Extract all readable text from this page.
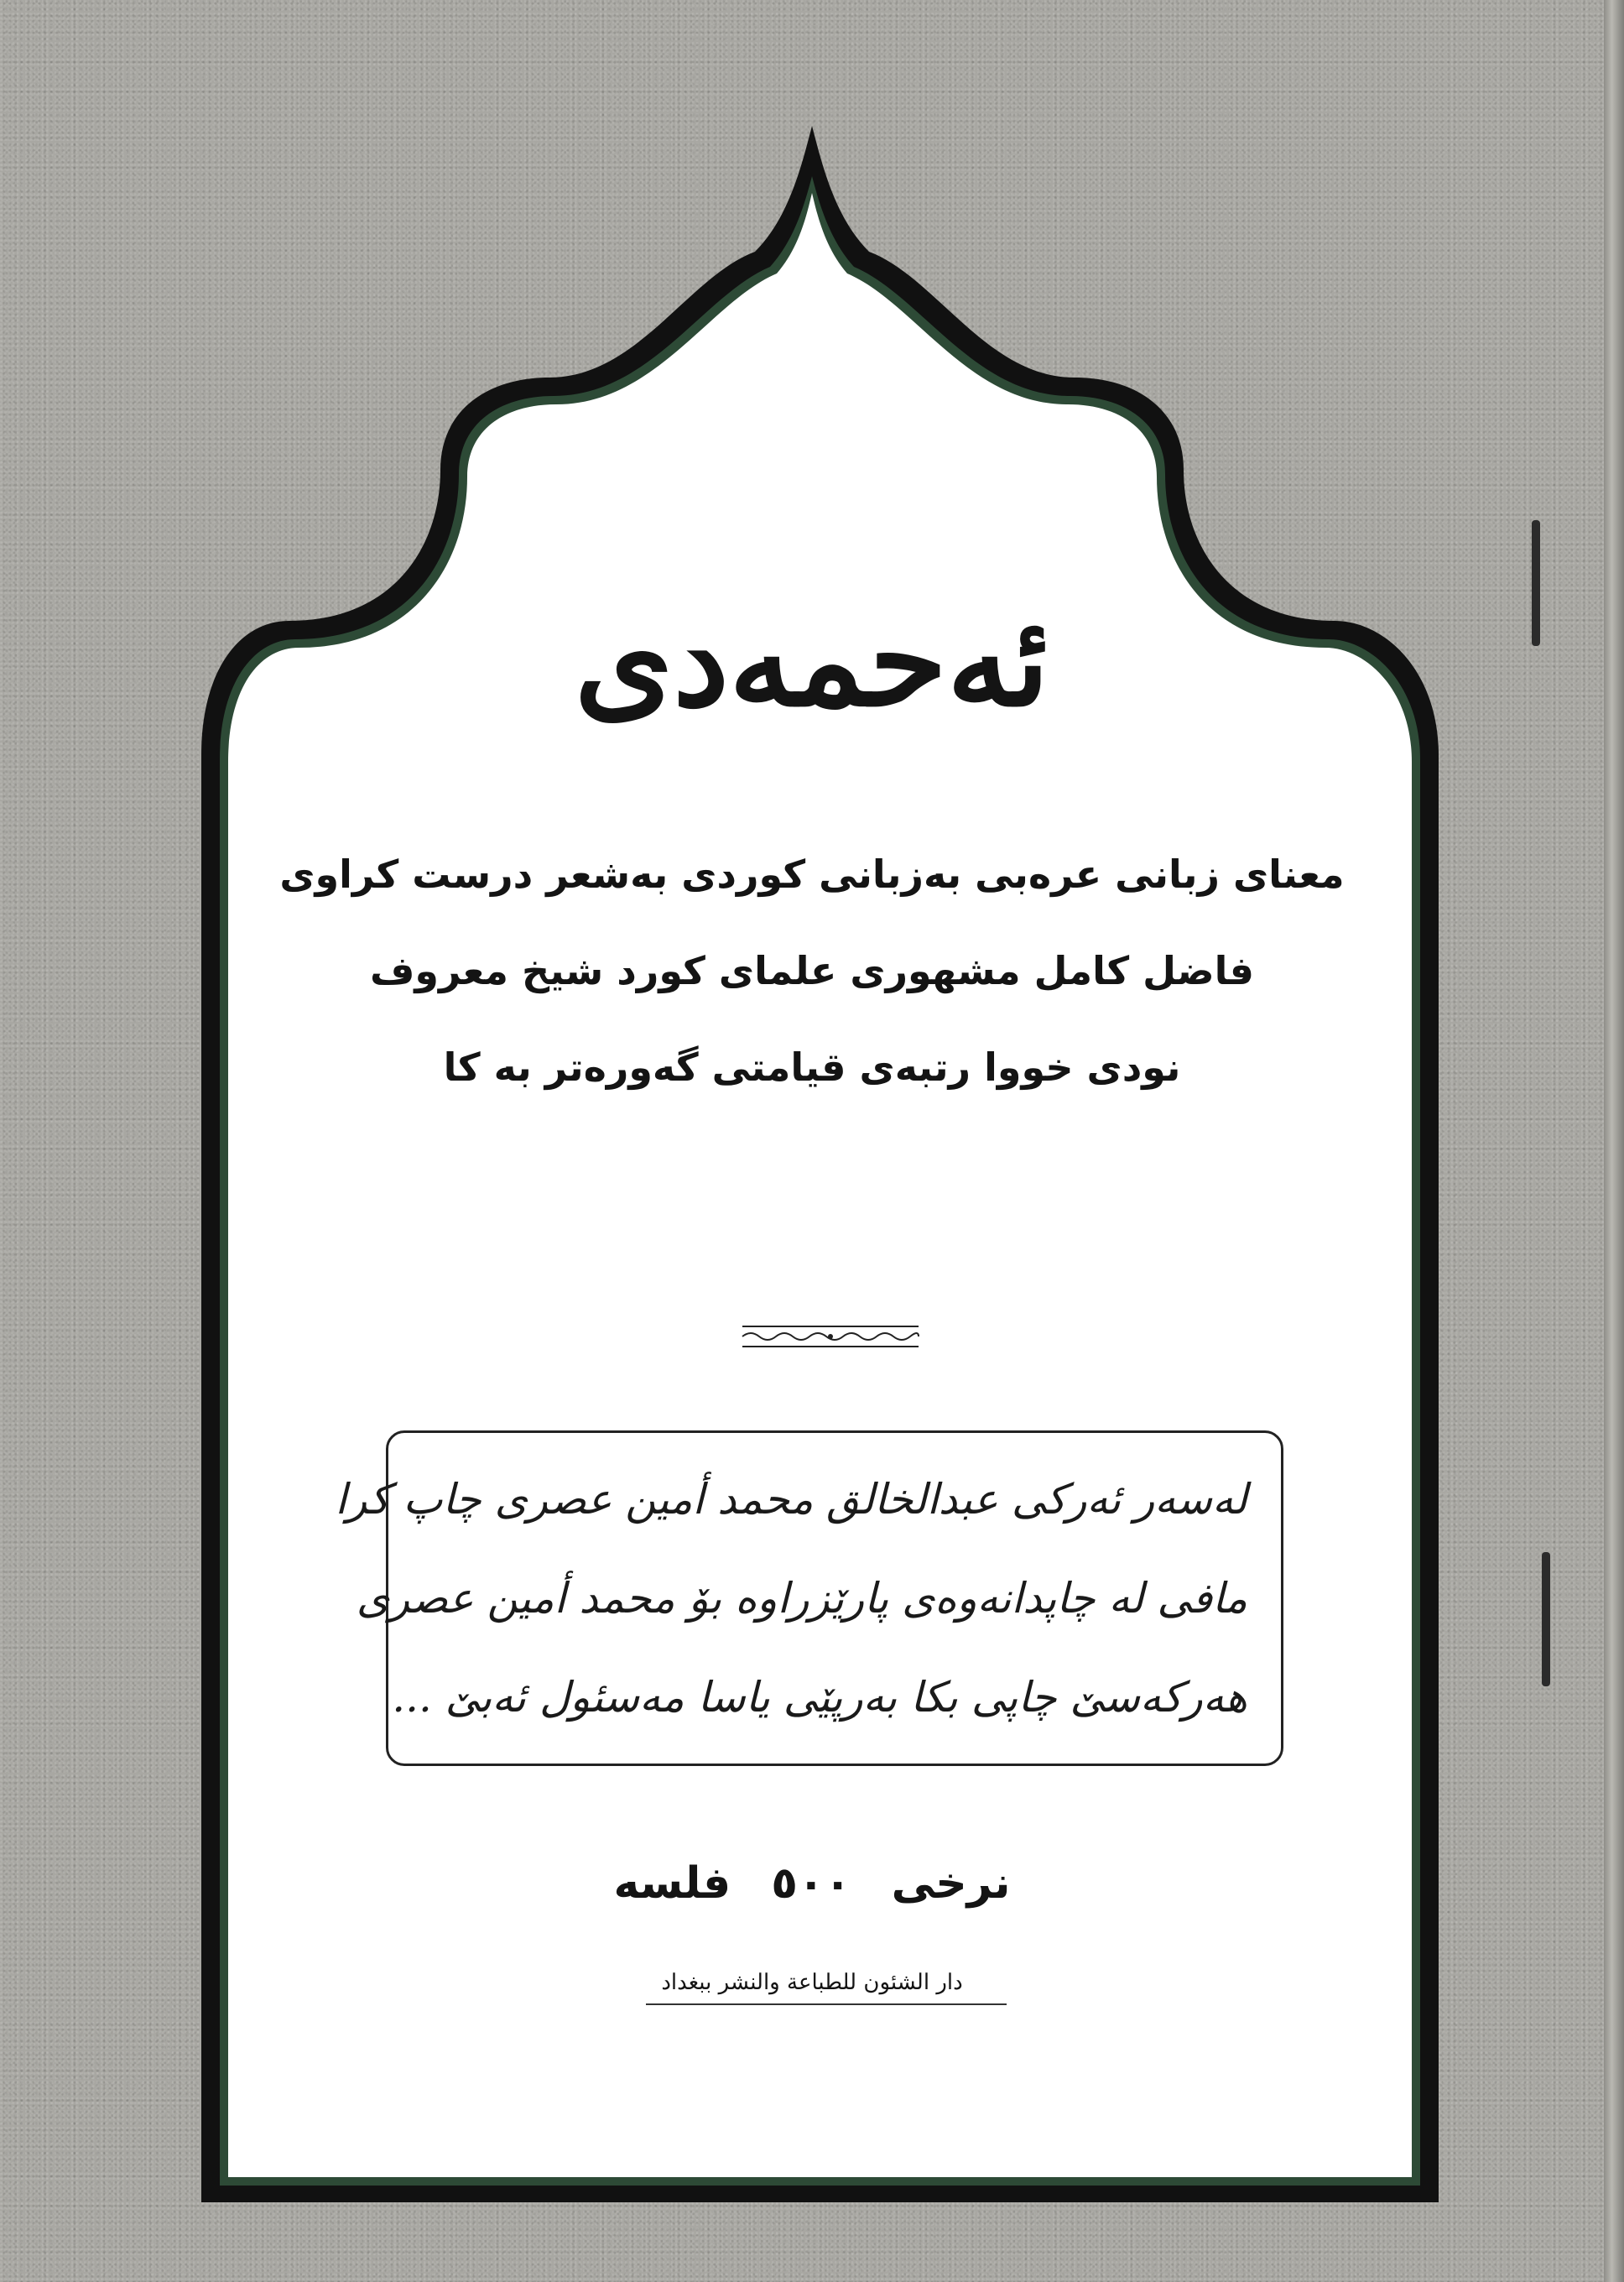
ئەحمەدی
معنای زبانی عرەبی بەزبانی کوردی بەشعر درست کراوی
فاضل کامل مشهوری علمای کورد شیخ معروف
نودی خووا رتبەی قیامتی گەورەتر بە کا
لەسەر ئەرکی عبدالخالق محمد أمین عصری چاپ کرا
مافی لە چاپدانەوەی پارێزراوە بۆ محمد أمین عصری
هەرکەسێ چاپی بکا بەرپێی یاسا مەسئول ئەبێ ...
نرخی ٥٠٠ فلسە
دار الشئون للطباعة والنشر ببغداد
